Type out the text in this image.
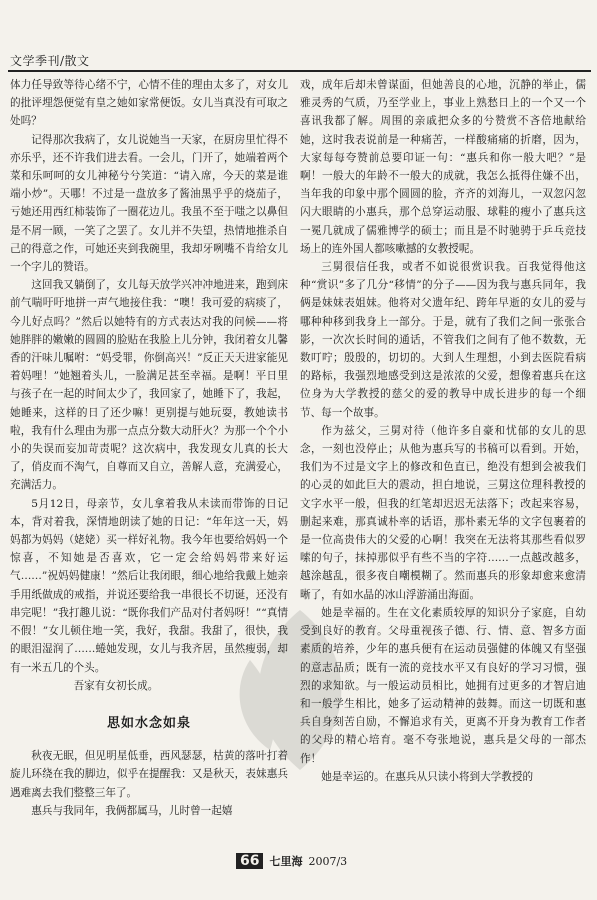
文学季刊/散文

体力任导致等待心绪不宁，心情不佳的理由太多了，对女儿的批评埋怨便觉有皇之她如家常便饭。女儿当真没有可取之处吗？

记得那次我病了，女儿说她当一天家，在厨房里忙得不亦乐乎，还不许我们进去看。一会儿，门开了，她端着两个菜和乐呵呵的女儿神秘兮兮笑道：“请入席，今天的菜是谁端小炒”。天哪！不过是一盘放多了酱油黑乎乎的烧茄子，亏她还用西红柿装饰了一圈花边儿。我虽不至于嗤之以鼻但是不屑一顾，一笑了之罢了。女儿并不失望，热情地推杀自己的得意之作，可她还夹到我碗里，我却牙咧嘴不肯给女儿一个字儿的赞语。

这回我又躺倒了，女儿每天放学兴冲冲地进来，跑到床前气喘吁吁地拼一声气地接住我：“噢！我可爱的病痰了，今儿好点吗？”然后以她特有的方式表达对我的问候——将她胖胖的嫩嫩的圆圆的脸贴在我脸上儿分钟，我闭着女儿馨香的汗味儿嘱咐：“妈受罪，你倒高兴！”反正天天进家能见着妈哩！”她翘着头儿，一脸满足甚至幸福。是啊！平日里与孩子在一起的时间太少了，我回家了，她睡下了，我起，她睡来，这样的日了还少嘛！更别提与她玩耍，教她读书啦，我有什么理由为那一点点分数大动肝火？为那一个个小小的失误而妄加苛责呢？这次病中，我发现女儿真的长大了，俏皮而不淘气，自尊而又自立，善解人意，充满爱心，充满活力。

5月12日，母亲节，女儿拿着我从未读而带饰的日记本，背对着我，深情地朗读了她的日记：“年年这一天，妈妈都为妈妈（姥姥）买一样好礼物。我今年也要给妈妈一个惊喜，不知她是否喜欢，它一定会给妈妈带来好运气……”祝妈妈健康！”然后让我闭眼，细心地给我戴上她亲手用纸做成的戒指，并说还要给我一串很长不切诞，还没有串完呢！”我打趣儿说：“既你我们产品对付者妈呀！”“真情不假！”女儿顿住地一笑，我好，我甜。我甜了，很快，我的眼泪湿润了……蜷她发现，女儿与我齐居，虽然瘦弱，却有一米五几的个头。

吾家有女初长成。

思如水念如泉

秋夜无眠，但见明星低垂，西风瑟瑟，枯黄的落叶打着旋儿环绕在我的脚边，似乎在提醒我：又是秋天，表妹惠兵遇难离去我们整整三年了。

惠兵与我同年，我俩都属马，儿时曾一起嬉

戏，成年后却未曾谋面，但她善良的心地，沉静的举止，儒雅灵秀的气质，乃至学业上，事业上熟愁日上的一个又一个喜讯我都了解。周围的亲戚把众多的兮赞赏不吝倍地献给她，这时我表说前是一种痛苦，一样酸痛痛的折磨，因为，大家每每夸赞前总要印证一句：“惠兵和你一般大吧？”是啊！一般大的年龄不一般大的成就，我怎么抵得住嫌不出，当年我的印象中那个圆圆的脸，齐齐的刘海儿，一双忽闪忽闪大眼睛的小惠兵，那个总穿运动服、球鞋的瘦小了惠兵这一冕几就成了儒雅博学的硕士；而且是不时驰骋于乒乓竞技场上的连外国人都咳嗽撼的女教授呢。

三舅很信任我，或者不如说很赏识我。百我觉得他这种“赏识”多了几分“移情”的分子——因为我与惠兵同年，我俩是妹妹表姐妹。他将对父遗年纪、跨年早逝的女儿的爱与哪种种移到我身上一部分。于是，就有了我们之间一张张合影，一次次长时间的通话，不管我们之间有了他不数数，无数叮咛；殷殷的，切切的。大到人生理想，小到去医院看病的路标，我强烈地感受到这是浓浓的父爱，想像着惠兵在这位身为大学教授的慈父的爱的教导中成长进步的每一个细节、每一个故事。

作为兹父，三舅对待（他许多自豪和忧郁的女儿的思念，一刻也没停止；从他为惠兵写的书稿可以看到。开始，我们为不过是文字上的修改和色直已，绝没有想到会被我们的心灵的如此巨大的震动，担白地说，三舅这位理科教授的文字水平一般，但我的红笔却迟迟无法落下；改起来容易，删起来难，那真诚朴率的话语，那朴素无华的文字包裹着的是一位高贵伟大的父爱的心啊！我突在无法将其那些看似罗嗦的句子，抹掉那似乎有些不当的字符……一点越改越多，越涂越乱，很多夜自嘲模糊了。然而惠兵的形象却愈来愈清晰了，有如水晶的冰山浮游涌出海面。

她是幸福的。生在文化素质较厚的知识分子家庭，自幼受到良好的教育。父母重视孩子德、行、情、意、智多方面素质的培养，少年的惠兵便有在运动员强健的体魄又有坚强的意志品质；既有一流的竞技水平又有良好的学习习惯，强烈的求知欲。与一般运动员相比，她拥有过更多的才智启迪和一般学生相比，她多了运动精神的鼓舞。而这一切既和惠兵自身刻苦自励，不懈追求有关，更离不开身为教育工作者的父母的精心培育。毫不夸张地说，惠兵是父母的一部杰作！

她是幸运的。在惠兵从只读小将到大学教授的

66 七里海 2007/3
